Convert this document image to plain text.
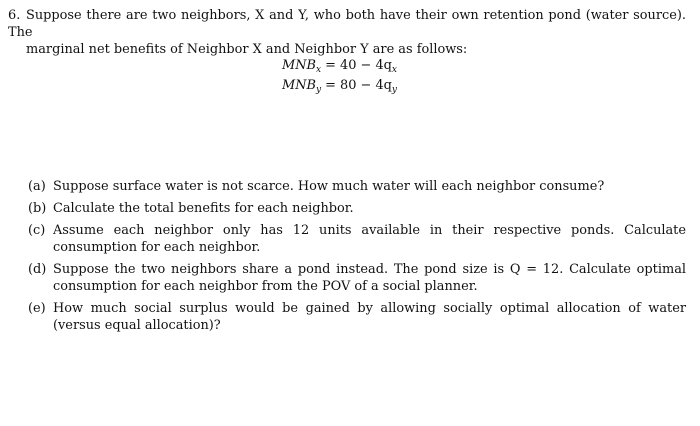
6. Suppose there are two neighbors, X and Y, who both have their own retention pond (water source). The
marginal net benefits of Neighbor X and Neighbor Y are as follows:
$MNB_x = 40 - 4q_x$
$MNB_y = 80 - 4q_y$
(a) Suppose surface water is not scarce. How much water will each neighbor consume?
(b) Calculate the total benefits for each neighbor.
(c) Assume each neighbor only has 12 units available in their respective ponds. Calculate consumption for each neighbor.
(d) Suppose the two neighbors share a pond instead. The pond size is Q = 12. Calculate optimal consumption for each neighbor from the POV of a social planner.
(e) How much social surplus would be gained by allowing socially optimal allocation of water (versus equal allocation)?
